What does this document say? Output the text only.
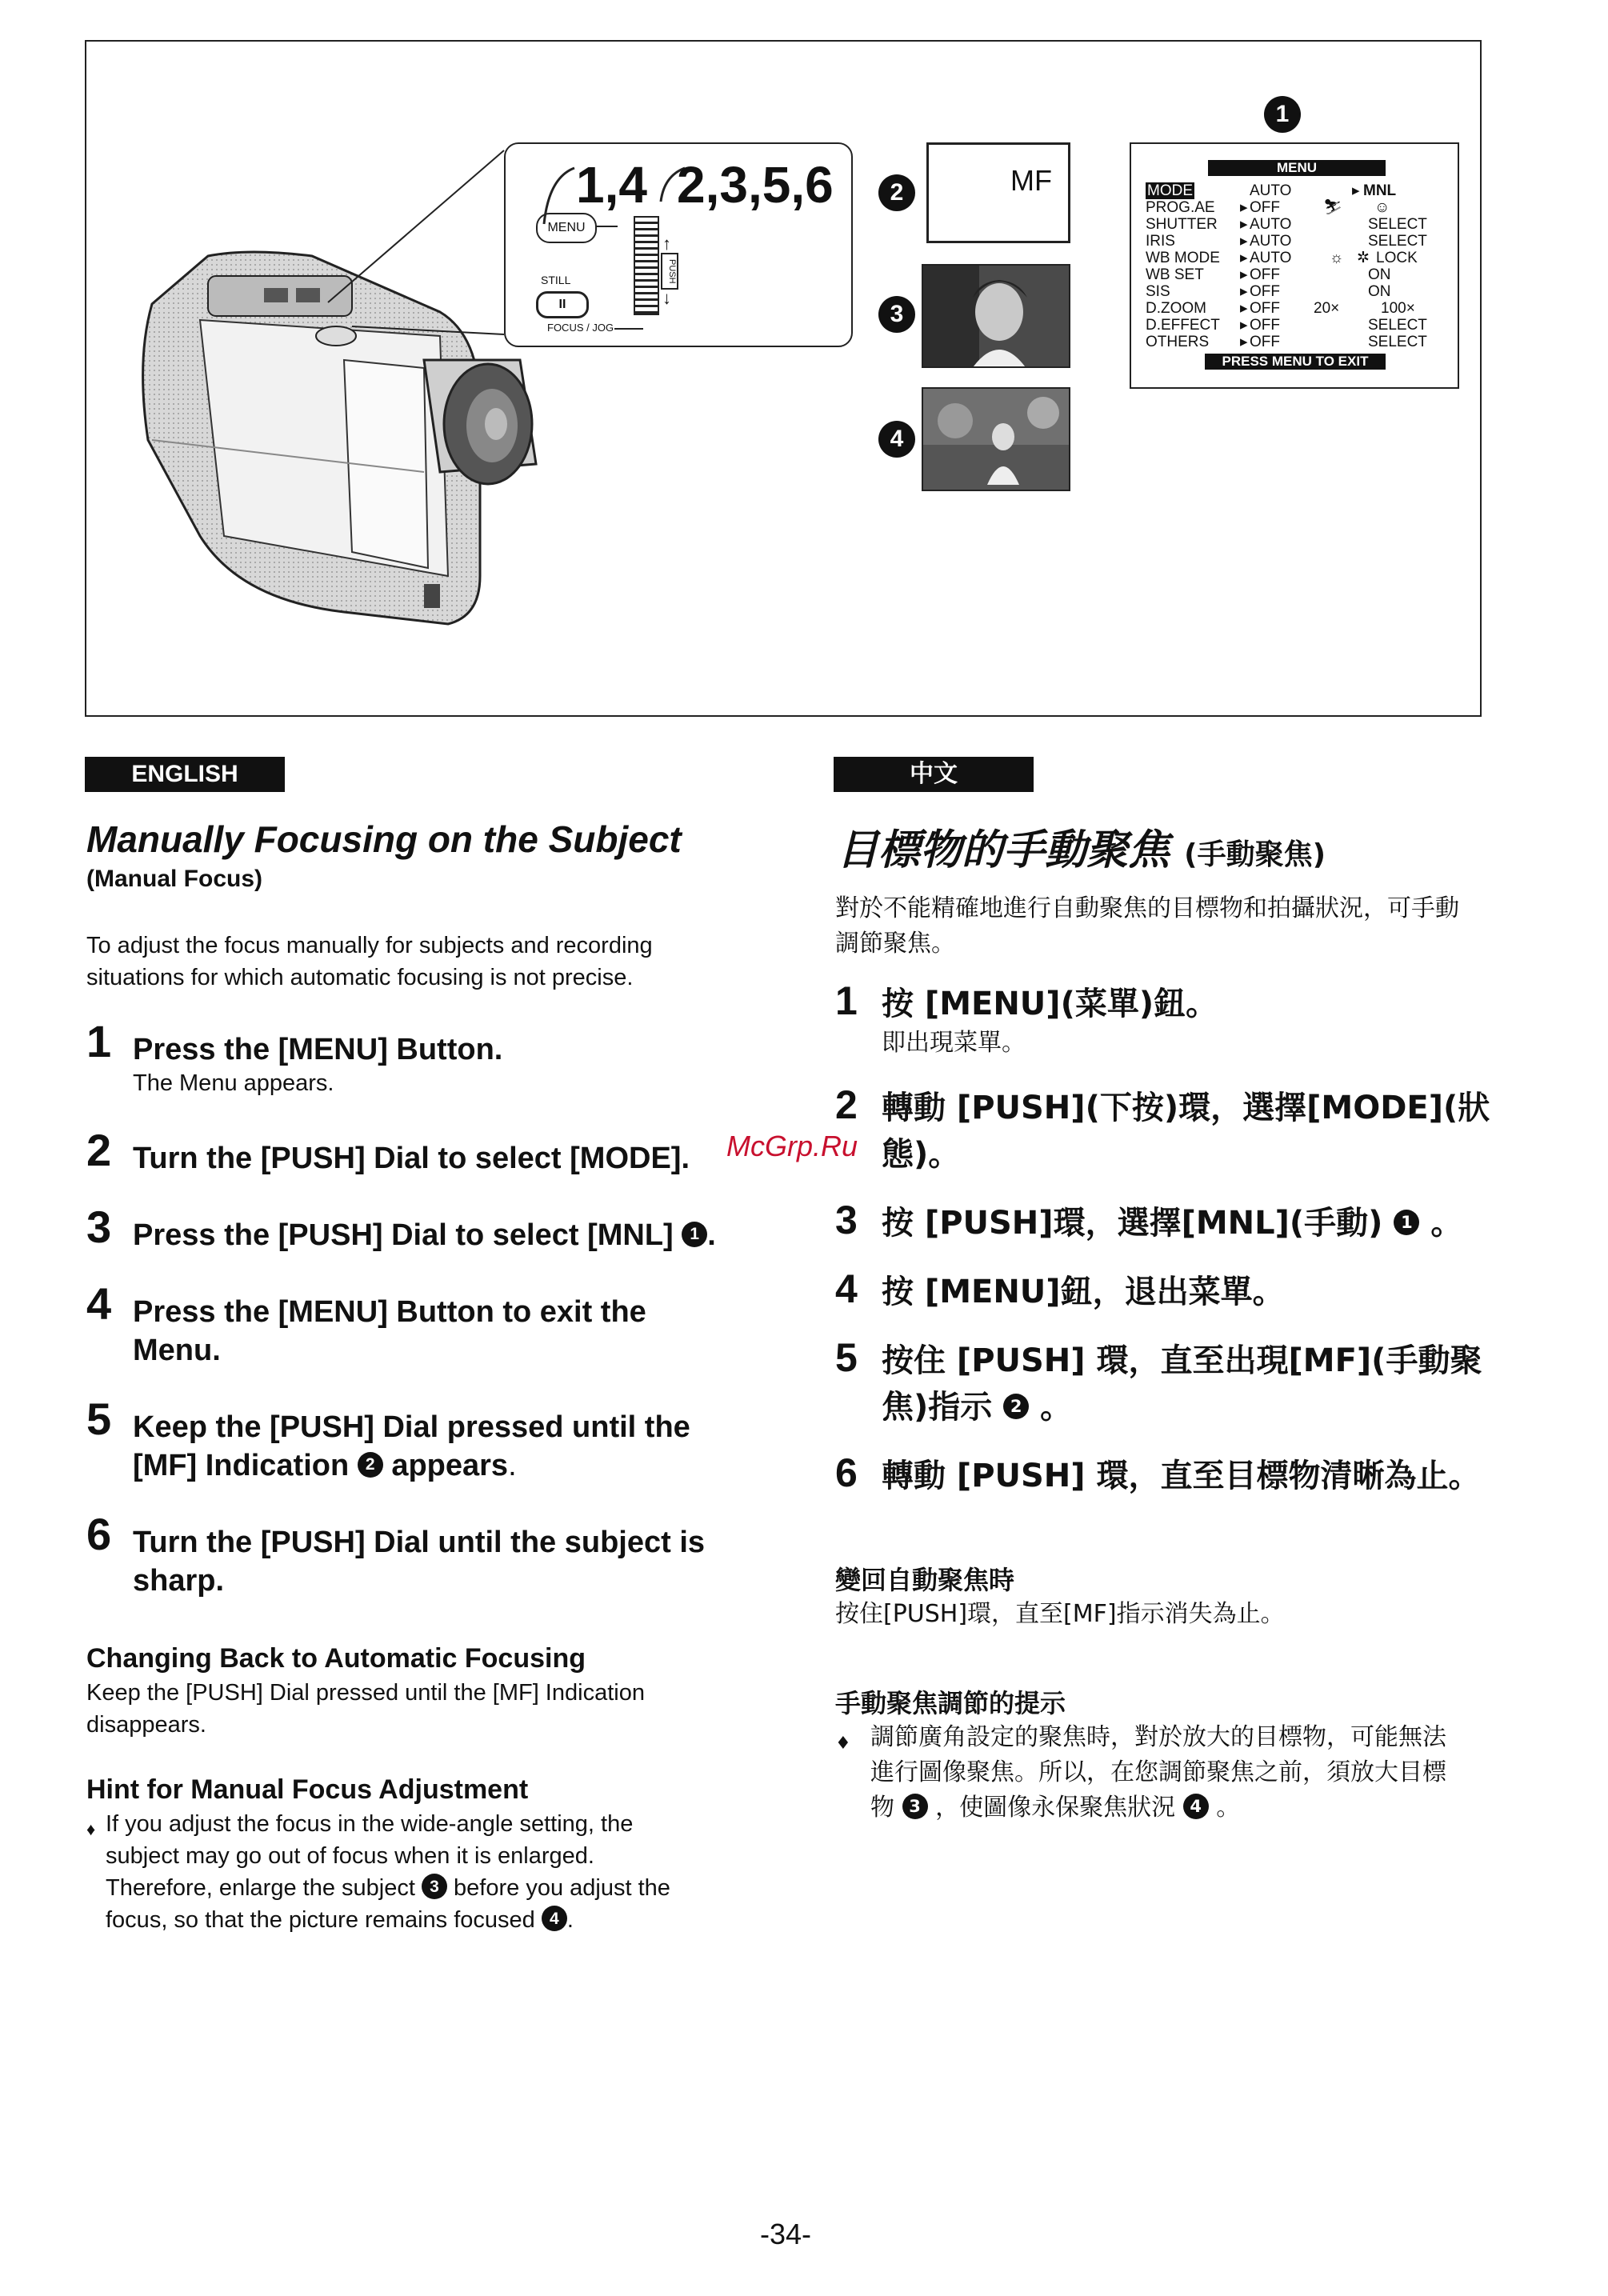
1,4 2,3,5,6
MENU
↑
↓
PUSH
STILL
II
FOCUS / JOG
2	MF
3
4
1
MENU
MODE	AUTO	▸ MNL
PROG.AE ▸ OFF	⛷ ☺
SHUTTER ▸ AUTO	SELECT
IRIS	▸ AUTO	SELECT
WB MODE ▸ AUTO	☼ ✲ LOCK
WB SET ▸ OFF	ON
SIS	▸ OFF	ON
D.ZOOM ▸ OFF 20×	100×
D.EFFECT ▸ OFF	SELECT
OTHERS ▸ OFF	SELECT
PRESS MENU TO EXIT
ENGLISH
Manually Focusing on the Subject
(Manual Focus)
To adjust the focus manually for subjects and recording
situations for which automatic focusing is not precise.
1 Press the [MENU] Button.
The Menu appears.
2 Turn the [PUSH] Dial to select [MODE]. McGrp.Ru
3 Press the [PUSH] Dial to select [MNL] 1 .
4 Press the [MENU] Button to exit the
Menu.
5 Keep the [PUSH] Dial pressed until the
[MF] Indication 2 appears.
6 Turn the [PUSH] Dial until the subject is
sharp.
Changing Back to Automatic Focusing
Keep the [PUSH] Dial pressed until the [MF] Indication
disappears.
Hint for Manual Focus Adjustment
♦ If you adjust the focus in the wide-angle setting, the
subject may go out of focus when it is enlarged.
Therefore, enlarge the subject 3 before you adjust the
focus, so that the picture remains focused 4 .
中文
目標物的手動聚焦 (手動聚焦)
對於不能精確地進行自動聚焦的目標物和拍攝狀況，可手動
調節聚焦。
1 按 [MENU](菜單)鈕。
即出現菜單。
2 轉動 [PUSH](下按)環，選擇[MODE](狀
態)。
3 按 [PUSH]環，選擇[MNL](手動) 1 。
4 按 [MENU]鈕，退出菜單。
5 按住 [PUSH] 環，直至出現[MF](手動聚
焦)指示 2 。
6 轉動 [PUSH] 環，直至目標物清晰為止。
變回自動聚焦時
按住[PUSH]環，直至[MF]指示消失為止。
手動聚焦調節的提示
♦ 調節廣角設定的聚焦時，對於放大的目標物，可能無法
進行圖像聚焦。所以，在您調節聚焦之前，須放大目標
物 3 ，使圖像永保聚焦狀況 4 。
-34-
